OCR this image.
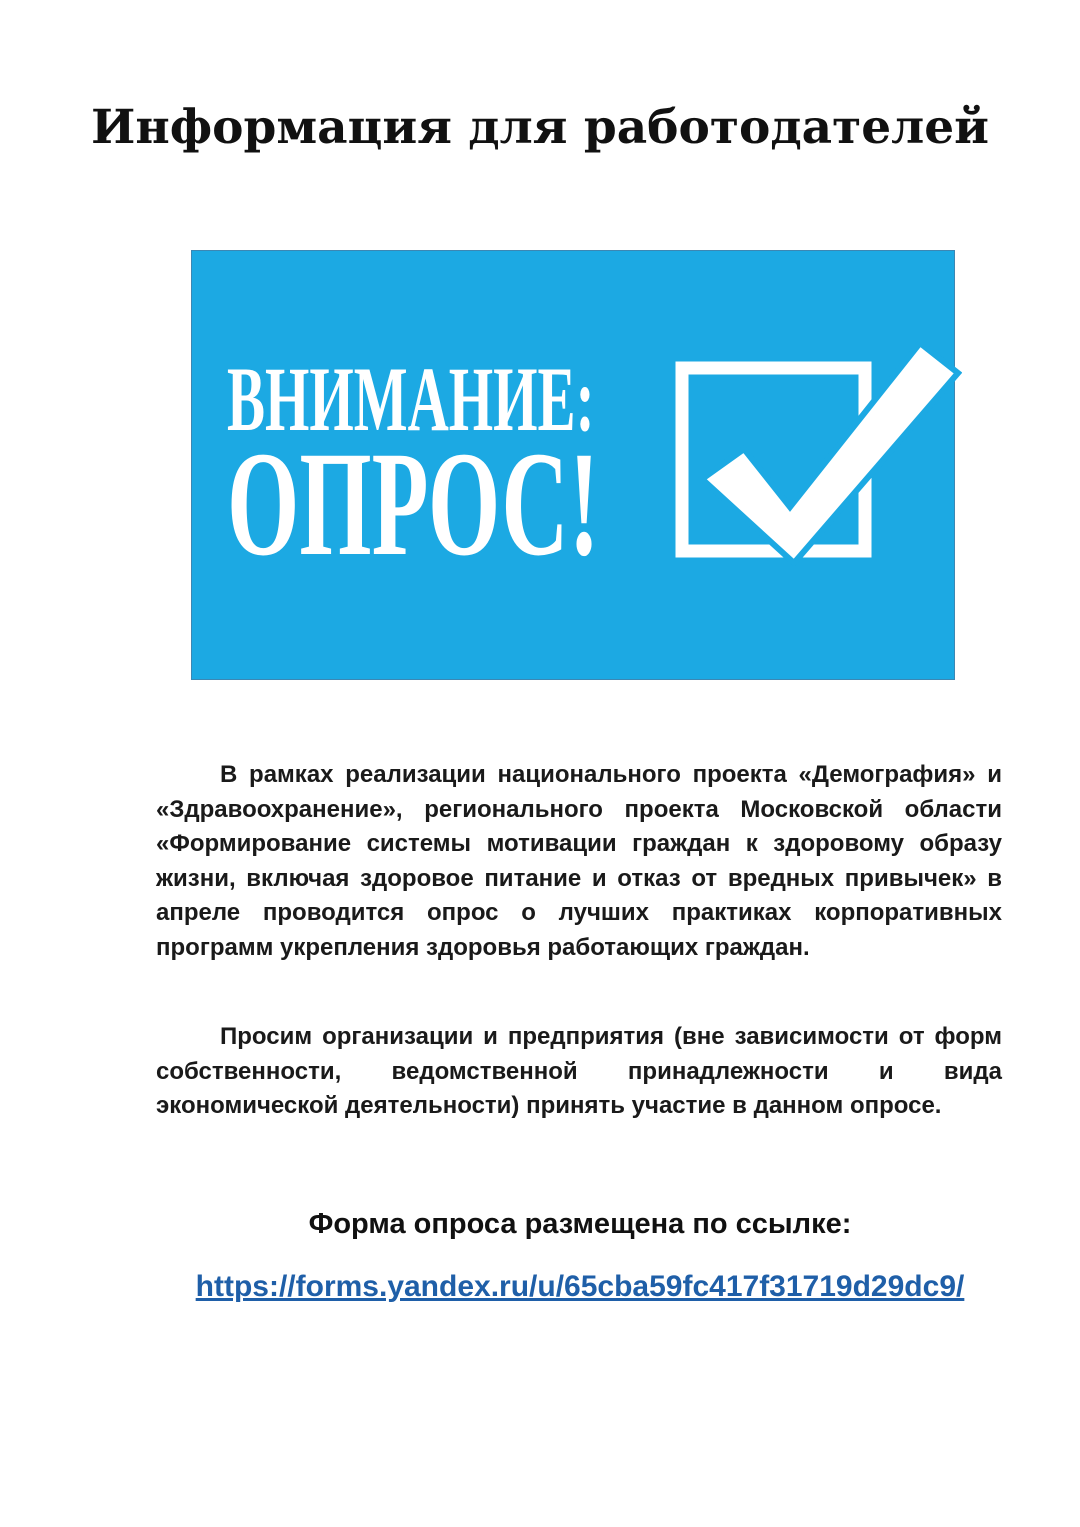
Информация для работодателей
ВНИМАНИЕ:
ОПРОС!

В рамках реализации национального проекта «Демография» и «Здравоохранение», регионального проекта Московской области «Формирование системы мотивации граждан к здоровому образу жизни, включая здоровое питание и отказ от вредных привычек» в апреле проводится опрос о лучших практиках корпоративных программ укрепления здоровья работающих граждан.

Просим организации и предприятия (вне зависимости от форм собственности, ведомственной принадлежности и вида экономической деятельности) принять участие в данном опросе.

Форма опроса размещена по ссылке:

https://forms.yandex.ru/u/65cba59fc417f31719d29dc9/
